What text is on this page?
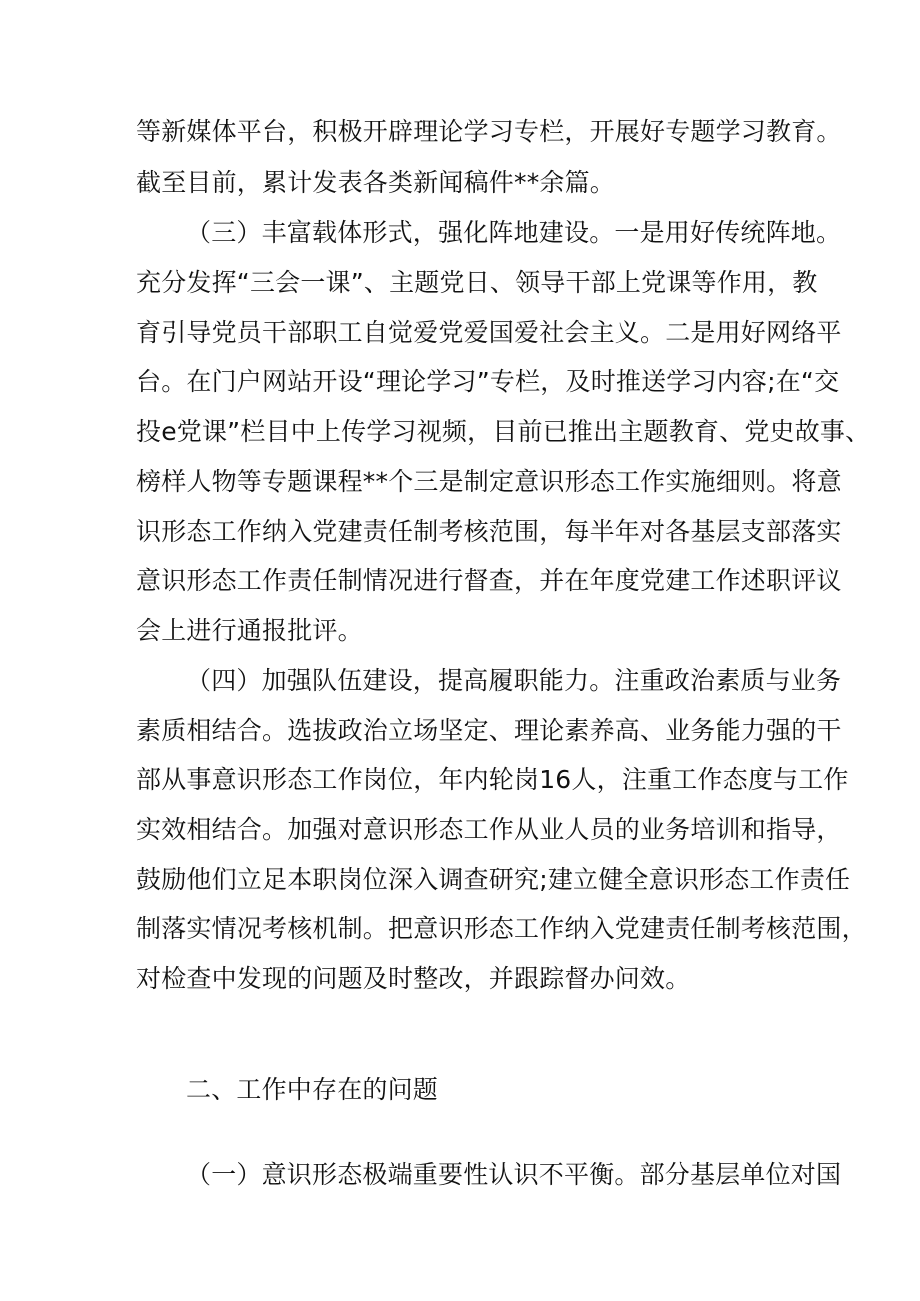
等新媒体平台，积极开辟理论学习专栏，开展好专题学习教育。
截至目前，累计发表各类新闻稿件**余篇。
（三）丰富载体形式，强化阵地建设。一是用好传统阵地。
充分发挥“三会一课”、主题党日、领导干部上党课等作用，教
育引导党员干部职工自觉爱党爱国爱社会主义。二是用好网络平
台。在门户网站开设“理论学习”专栏，及时推送学习内容;在“交
投e党课”栏目中上传学习视频，目前已推出主题教育、党史故事、
榜样人物等专题课程**个三是制定意识形态工作实施细则。将意
识形态工作纳入党建责任制考核范围，每半年对各基层支部落实
意识形态工作责任制情况进行督查，并在年度党建工作述职评议
会上进行通报批评。
（四）加强队伍建设，提高履职能力。注重政治素质与业务
素质相结合。选拔政治立场坚定、理论素养高、业务能力强的干
部从事意识形态工作岗位，年内轮岗16人，注重工作态度与工作
实效相结合。加强对意识形态工作从业人员的业务培训和指导，
鼓励他们立足本职岗位深入调查研究;建立健全意识形态工作责任
制落实情况考核机制。把意识形态工作纳入党建责任制考核范围，
对检查中发现的问题及时整改，并跟踪督办问效。
二、工作中存在的问题
（一）意识形态极端重要性认识不平衡。部分基层单位对国
